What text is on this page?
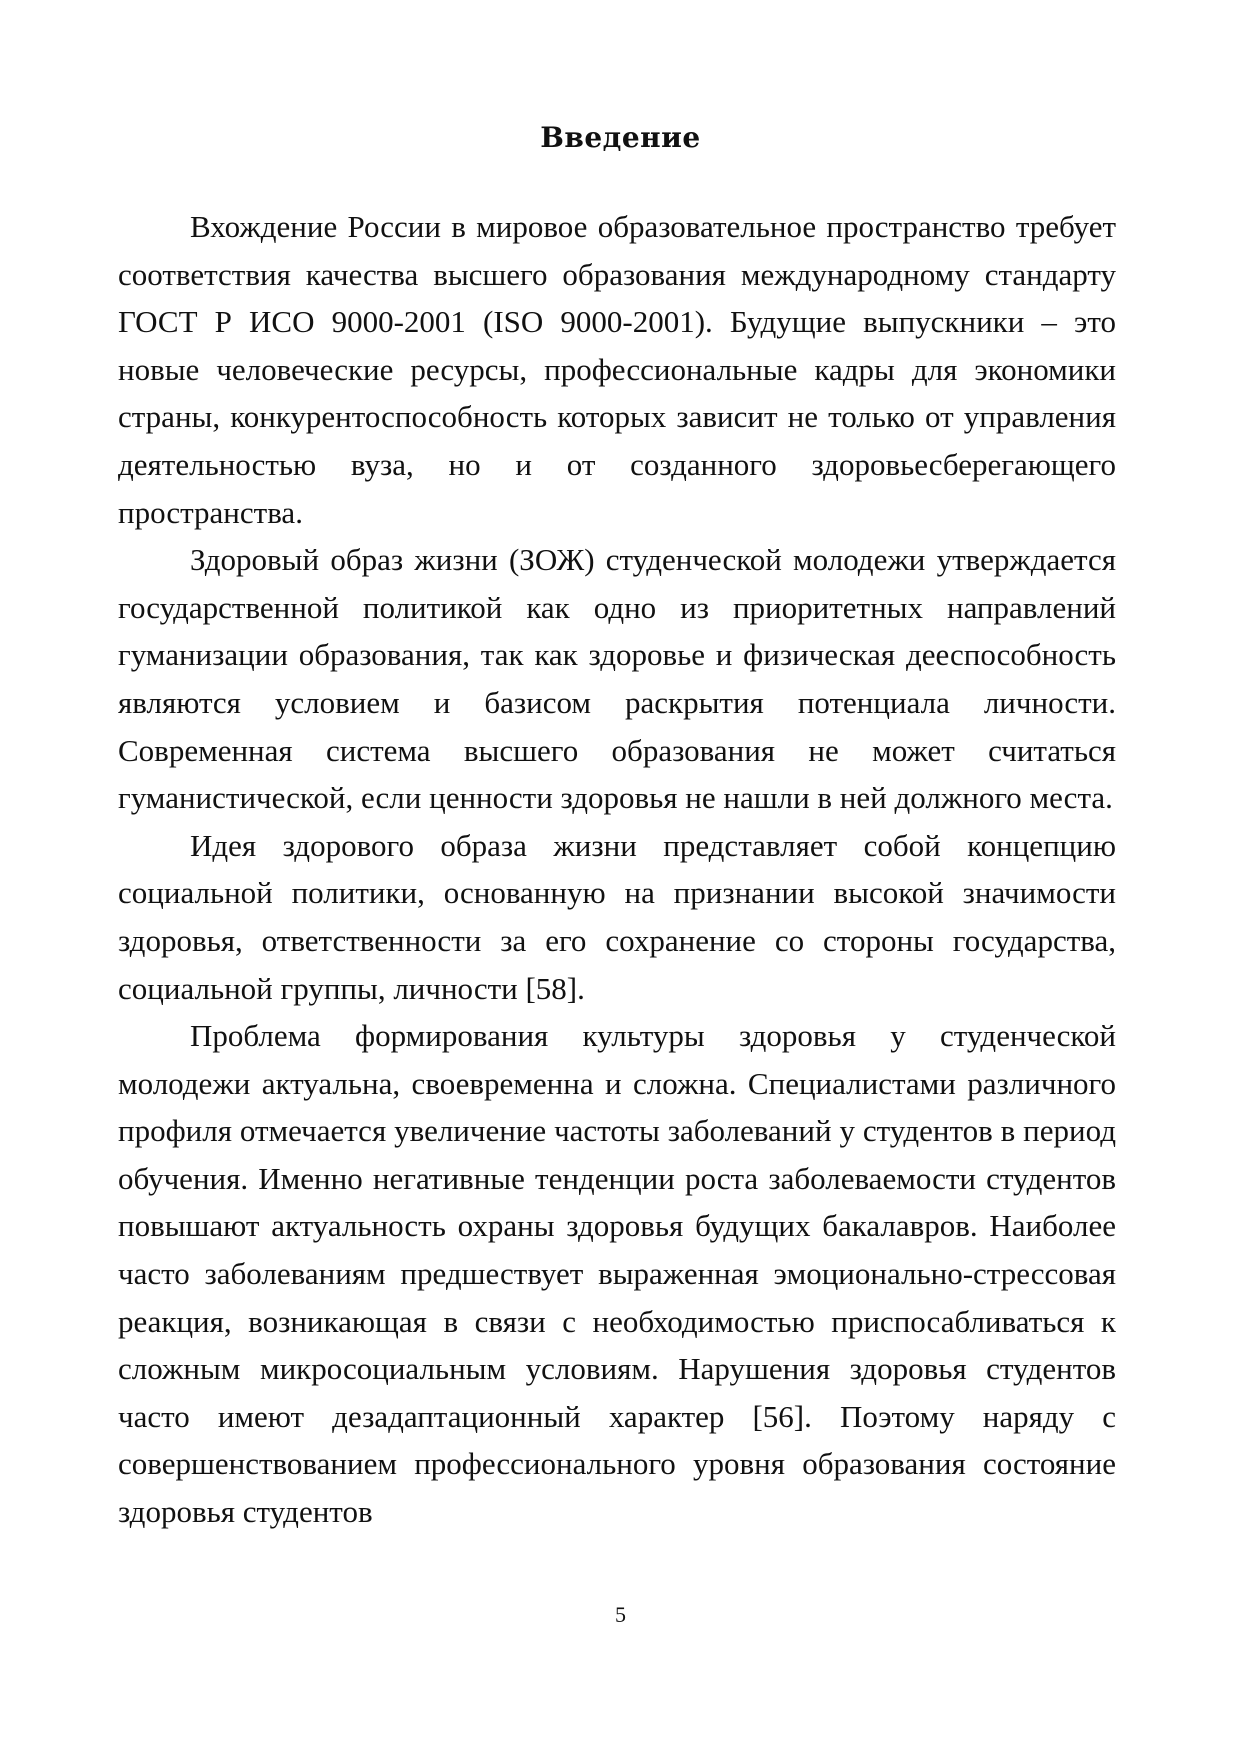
Введение

Вхождение России в мировое образовательное пространство требует соответствия качества высшего образования международному стандарту ГОСТ Р ИСО 9000-2001 (ISO 9000-2001). Будущие выпускники – это новые человеческие ресурсы, профессиональные кадры для экономики страны, конкурентоспособность которых зависит не только от управления деятельностью вуза, но и от созданного здоровьесберегающего пространства.

Здоровый образ жизни (ЗОЖ) студенческой молодежи утверждается государственной политикой как одно из приоритетных направлений гуманизации образования, так как здоровье и физическая дееспособность являются условием и базисом раскрытия потенциала личности. Современная система высшего образования не может считаться гуманистической, если ценности здоровья не нашли в ней должного места.

Идея здорового образа жизни представляет собой концепцию социальной политики, основанную на признании высокой значимости здоровья, ответственности за его сохранение со стороны государства, социальной группы, личности [58].

Проблема формирования культуры здоровья у студенческой молодежи актуальна, своевременна и сложна. Специалистами различного профиля отмечается увеличение частоты заболеваний у студентов в период обучения. Именно негативные тенденции роста заболеваемости студентов повышают актуальность охраны здоровья будущих бакалавров. Наиболее часто заболеваниям предшествует выраженная эмоционально-стрессовая реакция, возникающая в связи с необходимостью приспосабливаться к сложным микросоциальным условиям. Нарушения здоровья студентов часто имеют дезадаптационный характер [56]. Поэтому наряду с совершенствованием профессионального уровня образования состояние здоровья студентов

5
